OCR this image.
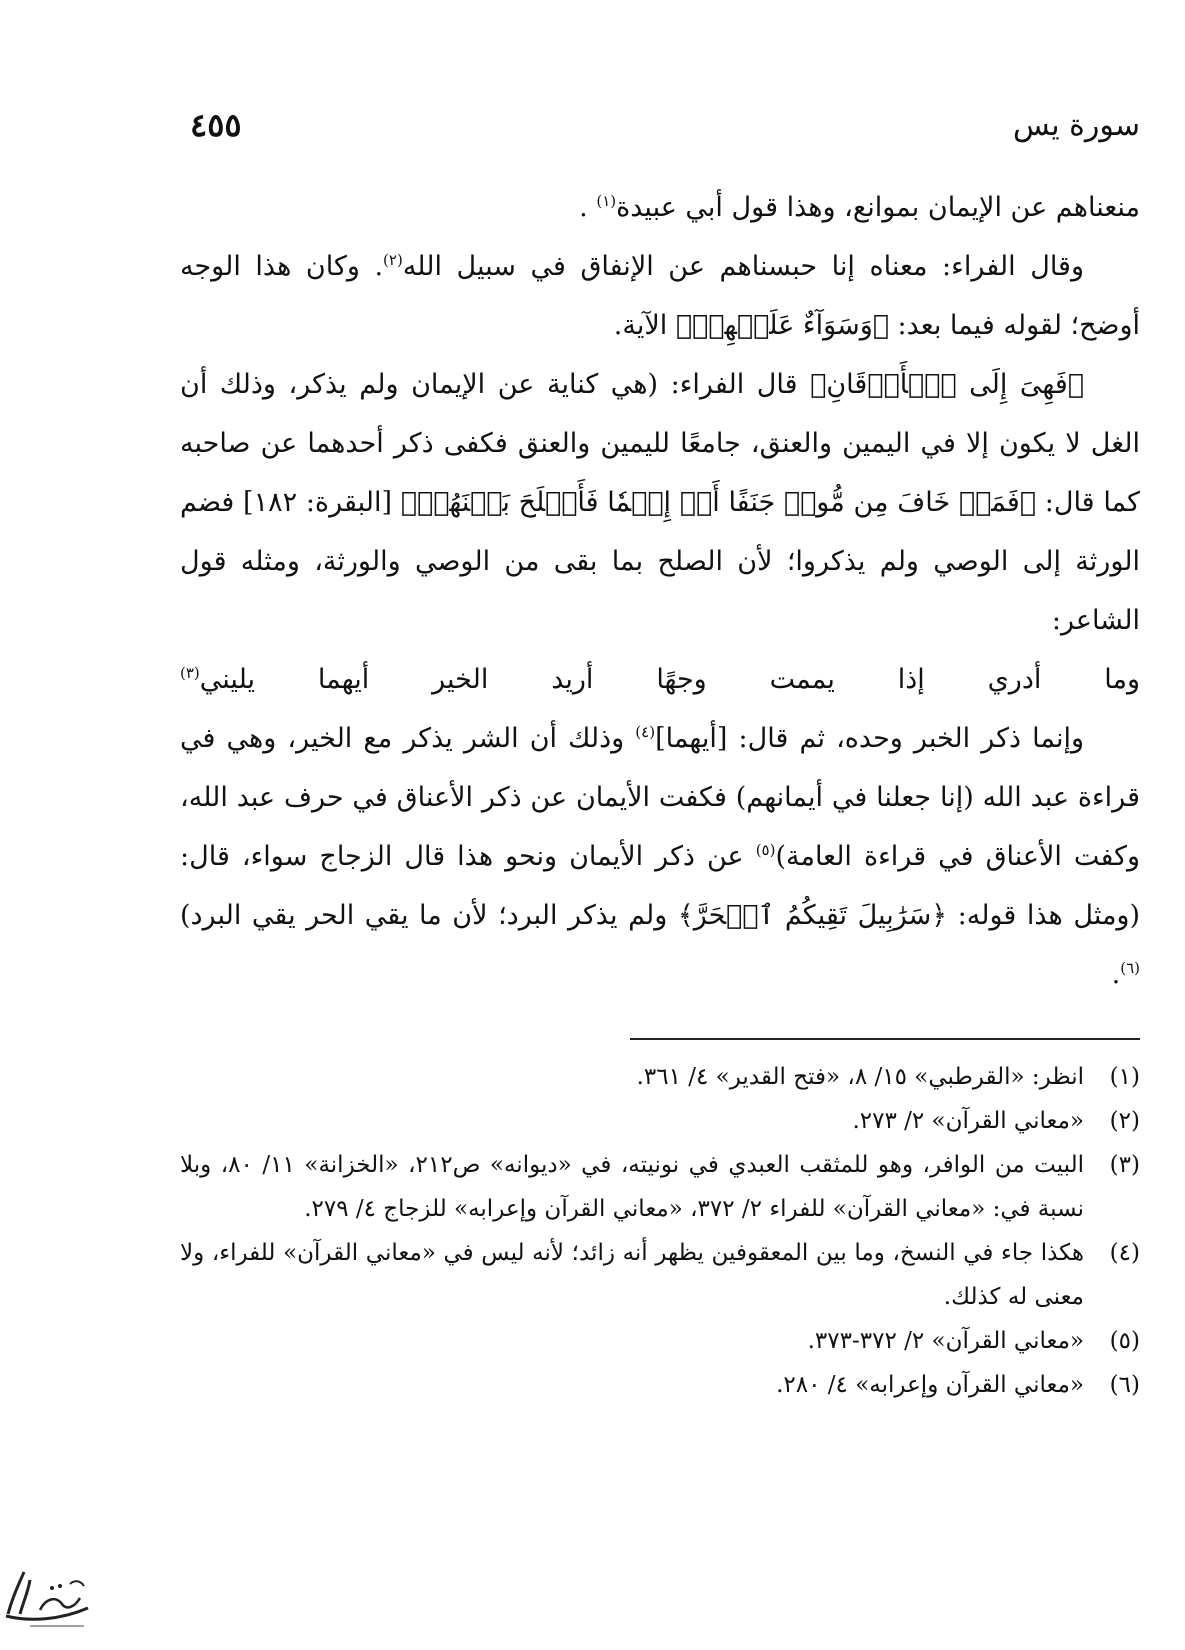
سورة يس
٤٥٥

منعناهم عن الإيمان بموانع، وهذا قول أبي عبيدة$^{(١)}$ .

وقال الفراء: معناه إنا حبسناهم عن الإنفاق في سبيل الله$^{(٢)}$. وكان هذا الوجه أوضح؛ لقوله فيما بعد: ﴿وَسَوَآءٌ عَلَيۡهِمۡ﴾ الآية.

﴿فَهِىَ إِلَى ٱلۡأَذۡقَانِ﴾ قال الفراء: (هي كناية عن الإيمان ولم يذكر، وذلك أن الغل لا يكون إلا في اليمين والعنق، جامعًا لليمين والعنق فكفى ذكر أحدهما عن صاحبه كما قال: ﴿فَمَنۡ خَافَ مِن مُّوصٖ جَنَفًا أَوۡ إِثۡمٗا فَأَصۡلَحَ بَيۡنَهُمۡ﴾ [البقرة: ١٨٢] فضم الورثة إلى الوصي ولم يذكروا؛ لأن الصلح بما بقى من الوصي والورثة، ومثله قول الشاعر:

وما أدري إذا يممت وجهًا أريد الخير أيهما يليني$^{(٣)}$

وإنما ذكر الخبر وحده، ثم قال: [أيهما]$^{(٤)}$ وذلك أن الشر يذكر مع الخير، وهي في قراءة عبد الله (إنا جعلنا في أيمانهم) فكفت الأيمان عن ذكر الأعناق في حرف عبد الله، وكفت الأعناق في قراءة العامة)$^{(٥)}$ عن ذكر الأيمان ونحو هذا قال الزجاج سواء، قال: (ومثل هذا قوله: ﴿سَرَٰبِيلَ تَقِيكُمُ ٱلۡحَرَّ﴾ ولم يذكر البرد؛ لأن ما يقي الحر يقي البرد)$^{(٦)}$.

(١)
انظر: «القرطبي» ١٥/ ٨، «فتح القدير» ٤/ ٣٦١.
(٢)
«معاني القرآن» ٢/ ٢٧٣.
(٣)
البيت من الوافر، وهو للمثقب العبدي في نونيته، في «ديوانه» ص٢١٢، «الخزانة» ١١/ ٨٠، وبلا نسبة في: «معاني القرآن» للفراء ٢/ ٣٧٢، «معاني القرآن وإعرابه» للزجاج ٤/ ٢٧٩.
(٤)
هكذا جاء في النسخ، وما بين المعقوفين يظهر أنه زائد؛ لأنه ليس في «معاني القرآن» للفراء، ولا معنى له كذلك.
(٥)
«معاني القرآن» ٢/ ٣٧٢-٣٧٣.
(٦)
«معاني القرآن وإعرابه» ٤/ ٢٨٠.
